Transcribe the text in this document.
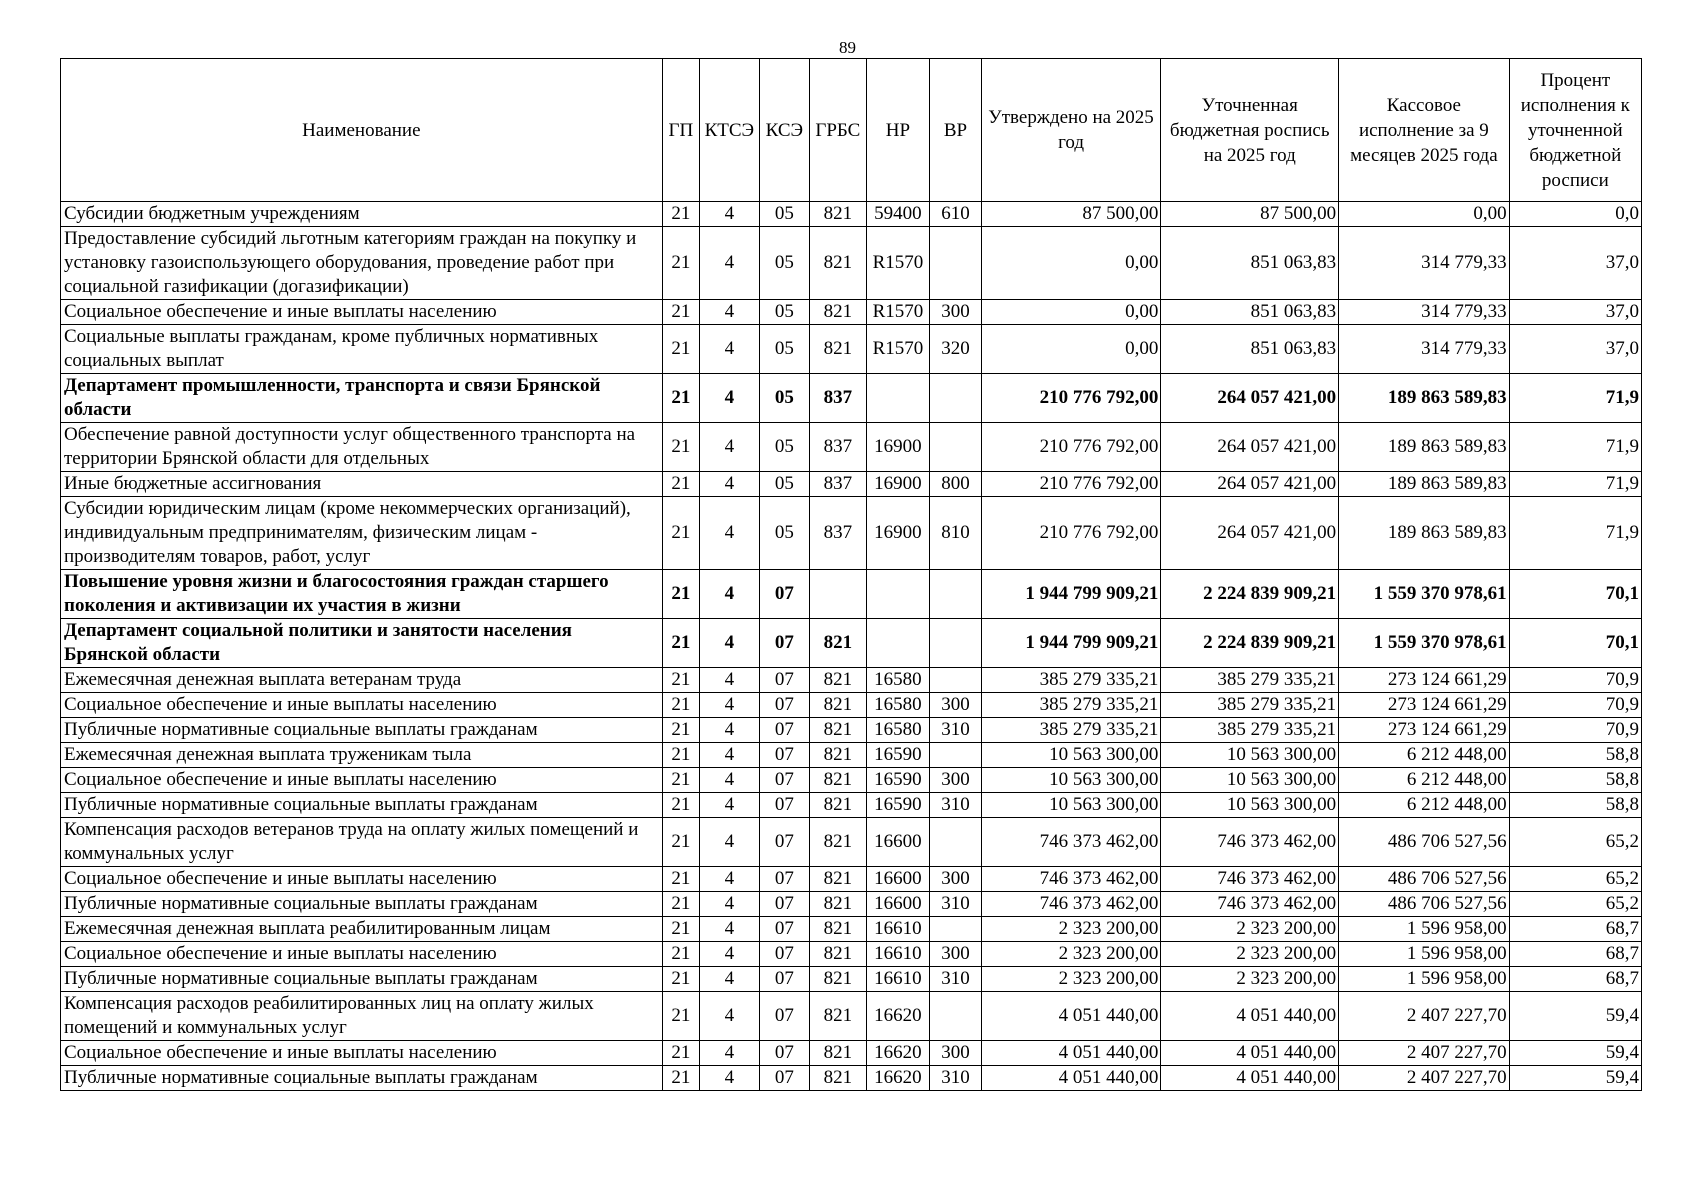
89
Наименование	ГП	КТСЭ	КСЭ	ГРБС	НР	ВР	Утверждено на 2025 год	Уточненная бюджетная роспись на 2025 год	Кассовое исполнение за 9 месяцев 2025 года	Процент исполнения к уточненной бюджетной росписи
Субсидии бюджетным учреждениям	21	4	05	821	59400	610	87 500,00	87 500,00	0,00	0,0
Предоставление субсидий льготным категориям граждан на покупку и установку газоиспользующего оборудования, проведение работ при социальной газификации (догазификации)	21	4	05	821	R1570		0,00	851 063,83	314 779,33	37,0
Социальное обеспечение и иные выплаты населению	21	4	05	821	R1570	300	0,00	851 063,83	314 779,33	37,0
Социальные выплаты гражданам, кроме публичных нормативных социальных выплат	21	4	05	821	R1570	320	0,00	851 063,83	314 779,33	37,0
Департамент промышленности, транспорта и связи Брянской области	21	4	05	837			210 776 792,00	264 057 421,00	189 863 589,83	71,9
Обеспечение равной доступности услуг общественного транспорта на территории Брянской области для отдельных	21	4	05	837	16900		210 776 792,00	264 057 421,00	189 863 589,83	71,9
Иные бюджетные ассигнования	21	4	05	837	16900	800	210 776 792,00	264 057 421,00	189 863 589,83	71,9
Субсидии юридическим лицам (кроме некоммерческих организаций), индивидуальным предпринимателям, физическим лицам - производителям товаров, работ, услуг	21	4	05	837	16900	810	210 776 792,00	264 057 421,00	189 863 589,83	71,9
Повышение уровня жизни и благосостояния граждан старшего поколения и активизации их участия в жизни	21	4	07				1 944 799 909,21	2 224 839 909,21	1 559 370 978,61	70,1
Департамент социальной политики и занятости населения Брянской области	21	4	07	821			1 944 799 909,21	2 224 839 909,21	1 559 370 978,61	70,1
Ежемесячная денежная выплата ветеранам труда	21	4	07	821	16580		385 279 335,21	385 279 335,21	273 124 661,29	70,9
Социальное обеспечение и иные выплаты населению	21	4	07	821	16580	300	385 279 335,21	385 279 335,21	273 124 661,29	70,9
Публичные нормативные социальные выплаты гражданам	21	4	07	821	16580	310	385 279 335,21	385 279 335,21	273 124 661,29	70,9
Ежемесячная денежная выплата труженикам тыла	21	4	07	821	16590		10 563 300,00	10 563 300,00	6 212 448,00	58,8
Социальное обеспечение и иные выплаты населению	21	4	07	821	16590	300	10 563 300,00	10 563 300,00	6 212 448,00	58,8
Публичные нормативные социальные выплаты гражданам	21	4	07	821	16590	310	10 563 300,00	10 563 300,00	6 212 448,00	58,8
Компенсация расходов ветеранов труда на оплату жилых помещений и коммунальных услуг	21	4	07	821	16600		746 373 462,00	746 373 462,00	486 706 527,56	65,2
Социальное обеспечение и иные выплаты населению	21	4	07	821	16600	300	746 373 462,00	746 373 462,00	486 706 527,56	65,2
Публичные нормативные социальные выплаты гражданам	21	4	07	821	16600	310	746 373 462,00	746 373 462,00	486 706 527,56	65,2
Ежемесячная денежная выплата реабилитированным лицам	21	4	07	821	16610		2 323 200,00	2 323 200,00	1 596 958,00	68,7
Социальное обеспечение и иные выплаты населению	21	4	07	821	16610	300	2 323 200,00	2 323 200,00	1 596 958,00	68,7
Публичные нормативные социальные выплаты гражданам	21	4	07	821	16610	310	2 323 200,00	2 323 200,00	1 596 958,00	68,7
Компенсация расходов реабилитированных лиц на оплату жилых помещений и коммунальных услуг	21	4	07	821	16620		4 051 440,00	4 051 440,00	2 407 227,70	59,4
Социальное обеспечение и иные выплаты населению	21	4	07	821	16620	300	4 051 440,00	4 051 440,00	2 407 227,70	59,4
Публичные нормативные социальные выплаты гражданам	21	4	07	821	16620	310	4 051 440,00	4 051 440,00	2 407 227,70	59,4
